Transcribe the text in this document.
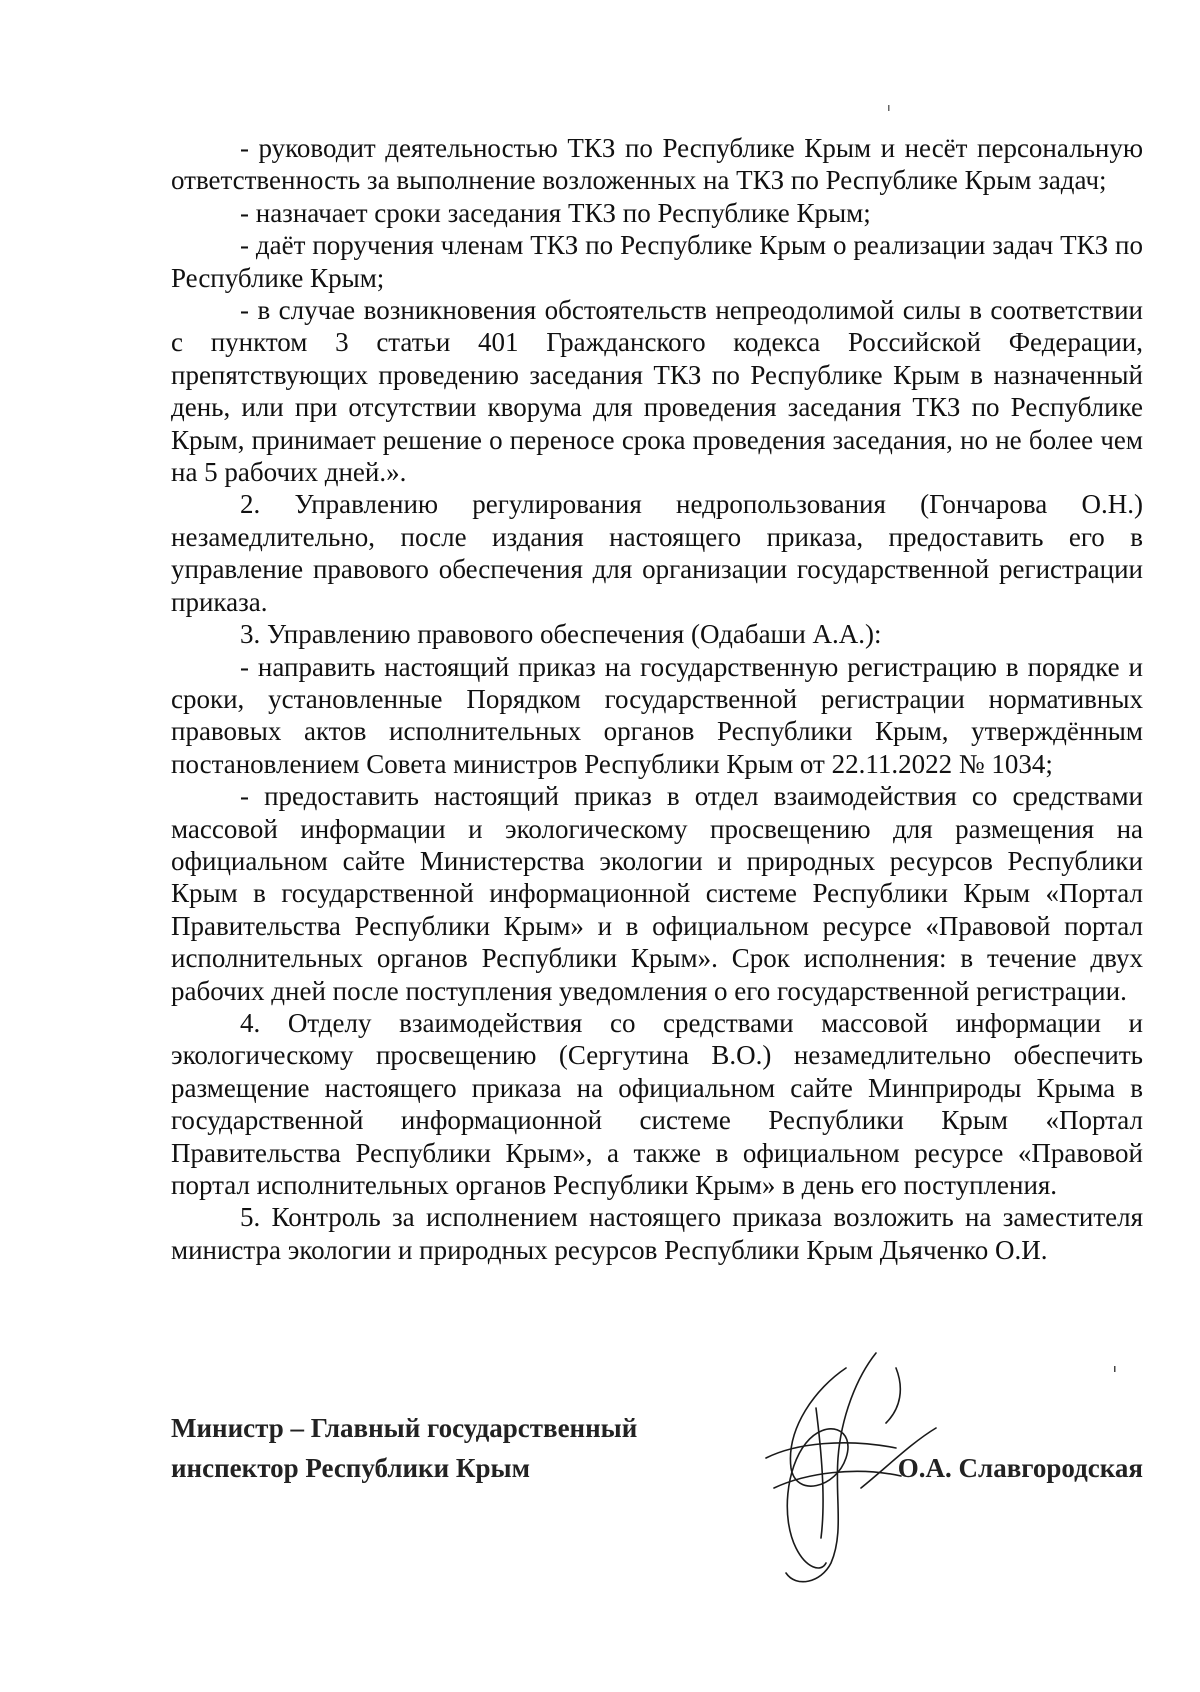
- руководит деятельностью ТКЗ по Республике Крым и несёт персональную ответственность за выполнение возложенных на ТКЗ по Республике Крым задач;

- назначает сроки заседания ТКЗ по Республике Крым;

- даёт поручения членам ТКЗ по Республике Крым о реализации задач ТКЗ по Республике Крым;

- в случае возникновения обстоятельств непреодолимой силы в соответствии с пунктом 3 статьи 401 Гражданского кодекса Российской Федерации, препятствующих проведению заседания ТКЗ по Республике Крым в назначенный день, или при отсутствии кворума для проведения заседания ТКЗ по Республике Крым, принимает решение о переносе срока проведения заседания, но не более чем на 5 рабочих дней.».

2. Управлению регулирования недропользования (Гончарова О.Н.) незамедлительно, после издания настоящего приказа, предоставить его в управление правового обеспечения для организации государственной регистрации приказа.

3. Управлению правового обеспечения (Одабаши А.А.):

- направить настоящий приказ на государственную регистрацию в порядке и сроки, установленные Порядком государственной регистрации нормативных правовых актов исполнительных органов Республики Крым, утверждённым постановлением Совета министров Республики Крым от 22.11.2022 № 1034;

- предоставить настоящий приказ в отдел взаимодействия со средствами массовой информации и экологическому просвещению для размещения на официальном сайте Министерства экологии и природных ресурсов Республики Крым в государственной информационной системе Республики Крым «Портал Правительства Республики Крым» и в официальном ресурсе «Правовой портал исполнительных органов Республики Крым». Срок исполнения: в течение двух рабочих дней после поступления уведомления о его государственной регистрации.

4. Отделу взаимодействия со средствами массовой информации и экологическому просвещению (Сергутина В.О.) незамедлительно обеспечить размещение настоящего приказа на официальном сайте Минприроды Крыма в государственной информационной системе Республики Крым «Портал Правительства Республики Крым», а также в официальном ресурсе «Правовой портал исполнительных органов Республики Крым» в день его поступления.

5. Контроль за исполнением настоящего приказа возложить на заместителя министра экологии и природных ресурсов Республики Крым Дьяченко О.И.

Министр – Главный государственный
инспектор Республики Крым	О.А. Славгородская
